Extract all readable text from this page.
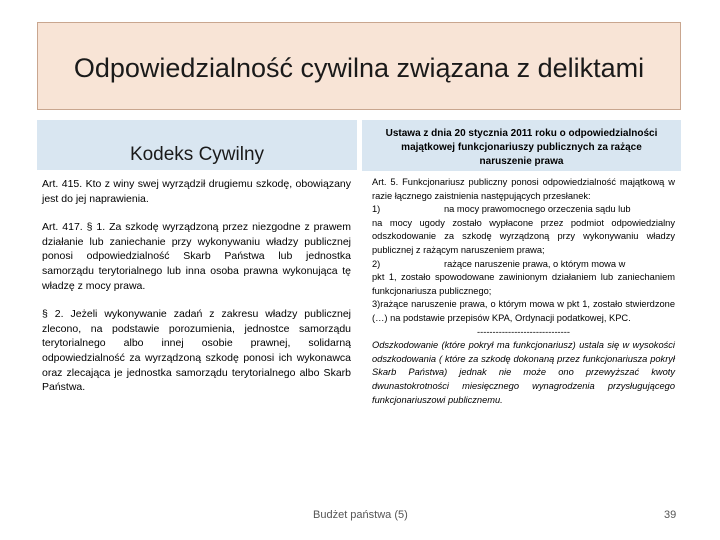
Odpowiedzialność cywilna związana z deliktami
Kodeks Cywilny

Art. 415. Kto z winy swej wyrządził drugiemu szkodę, obowiązany jest do jej naprawienia.

Art. 417. § 1. Za szkodę wyrządzoną przez niezgodne z prawem działanie lub zaniechanie przy wykonywaniu władzy publicznej ponosi odpowiedzialność Skarb Państwa lub jednostka samorządu terytorialnego lub inna osoba prawna wykonująca tę władzę z mocy prawa.

§ 2. Jeżeli wykonywanie zadań z zakresu władzy publicznej zlecono, na podstawie porozumienia, jednostce samorządu terytorialnego albo innej osobie prawnej, solidarną odpowiedzialność za wyrządzoną szkodę ponosi ich wykonawca oraz zlecająca je jednostka samorządu terytorialnego albo Skarb Państwa.

Ustawa z dnia 20 stycznia 2011 roku o odpowiedzialności majątkowej funkcjonariuszy publicznych za rażące naruszenie prawa

Art. 5. Funkcjonariusz publiczny ponosi odpowiedzialność majątkową w razie łącznego zaistnienia następujących przesłanek:

1)	na mocy prawomocnego orzeczenia sądu lub

na mocy ugody zostało wypłacone przez podmiot odpowiedzialny odszkodowanie za szkodę wyrządzoną przy wykonywaniu władzy publicznej z rażącym naruszeniem prawa;

2)	rażące naruszenie prawa, o którym mowa w

pkt 1, zostało spowodowane zawinionym działaniem lub zaniechaniem funkcjonariusza publicznego;

3)rażące naruszenie prawa, o którym mowa w pkt 1, zostało stwierdzone (…) na podstawie przepisów KPA, Ordynacji podatkowej, KPC.

------------------------------

Odszkodowanie (które pokrył ma funkcjonariusz) ustala się w wysokości odszkodowania ( które za szkodę dokonaną przez funkcjonariusza pokrył Skarb Państwa) jednak nie może ono przewyższać kwoty dwunastokrotności miesięcznego wynagrodzenia przysługującego funkcjonariuszowi publicznemu.

Budżet państwa (5)	39
